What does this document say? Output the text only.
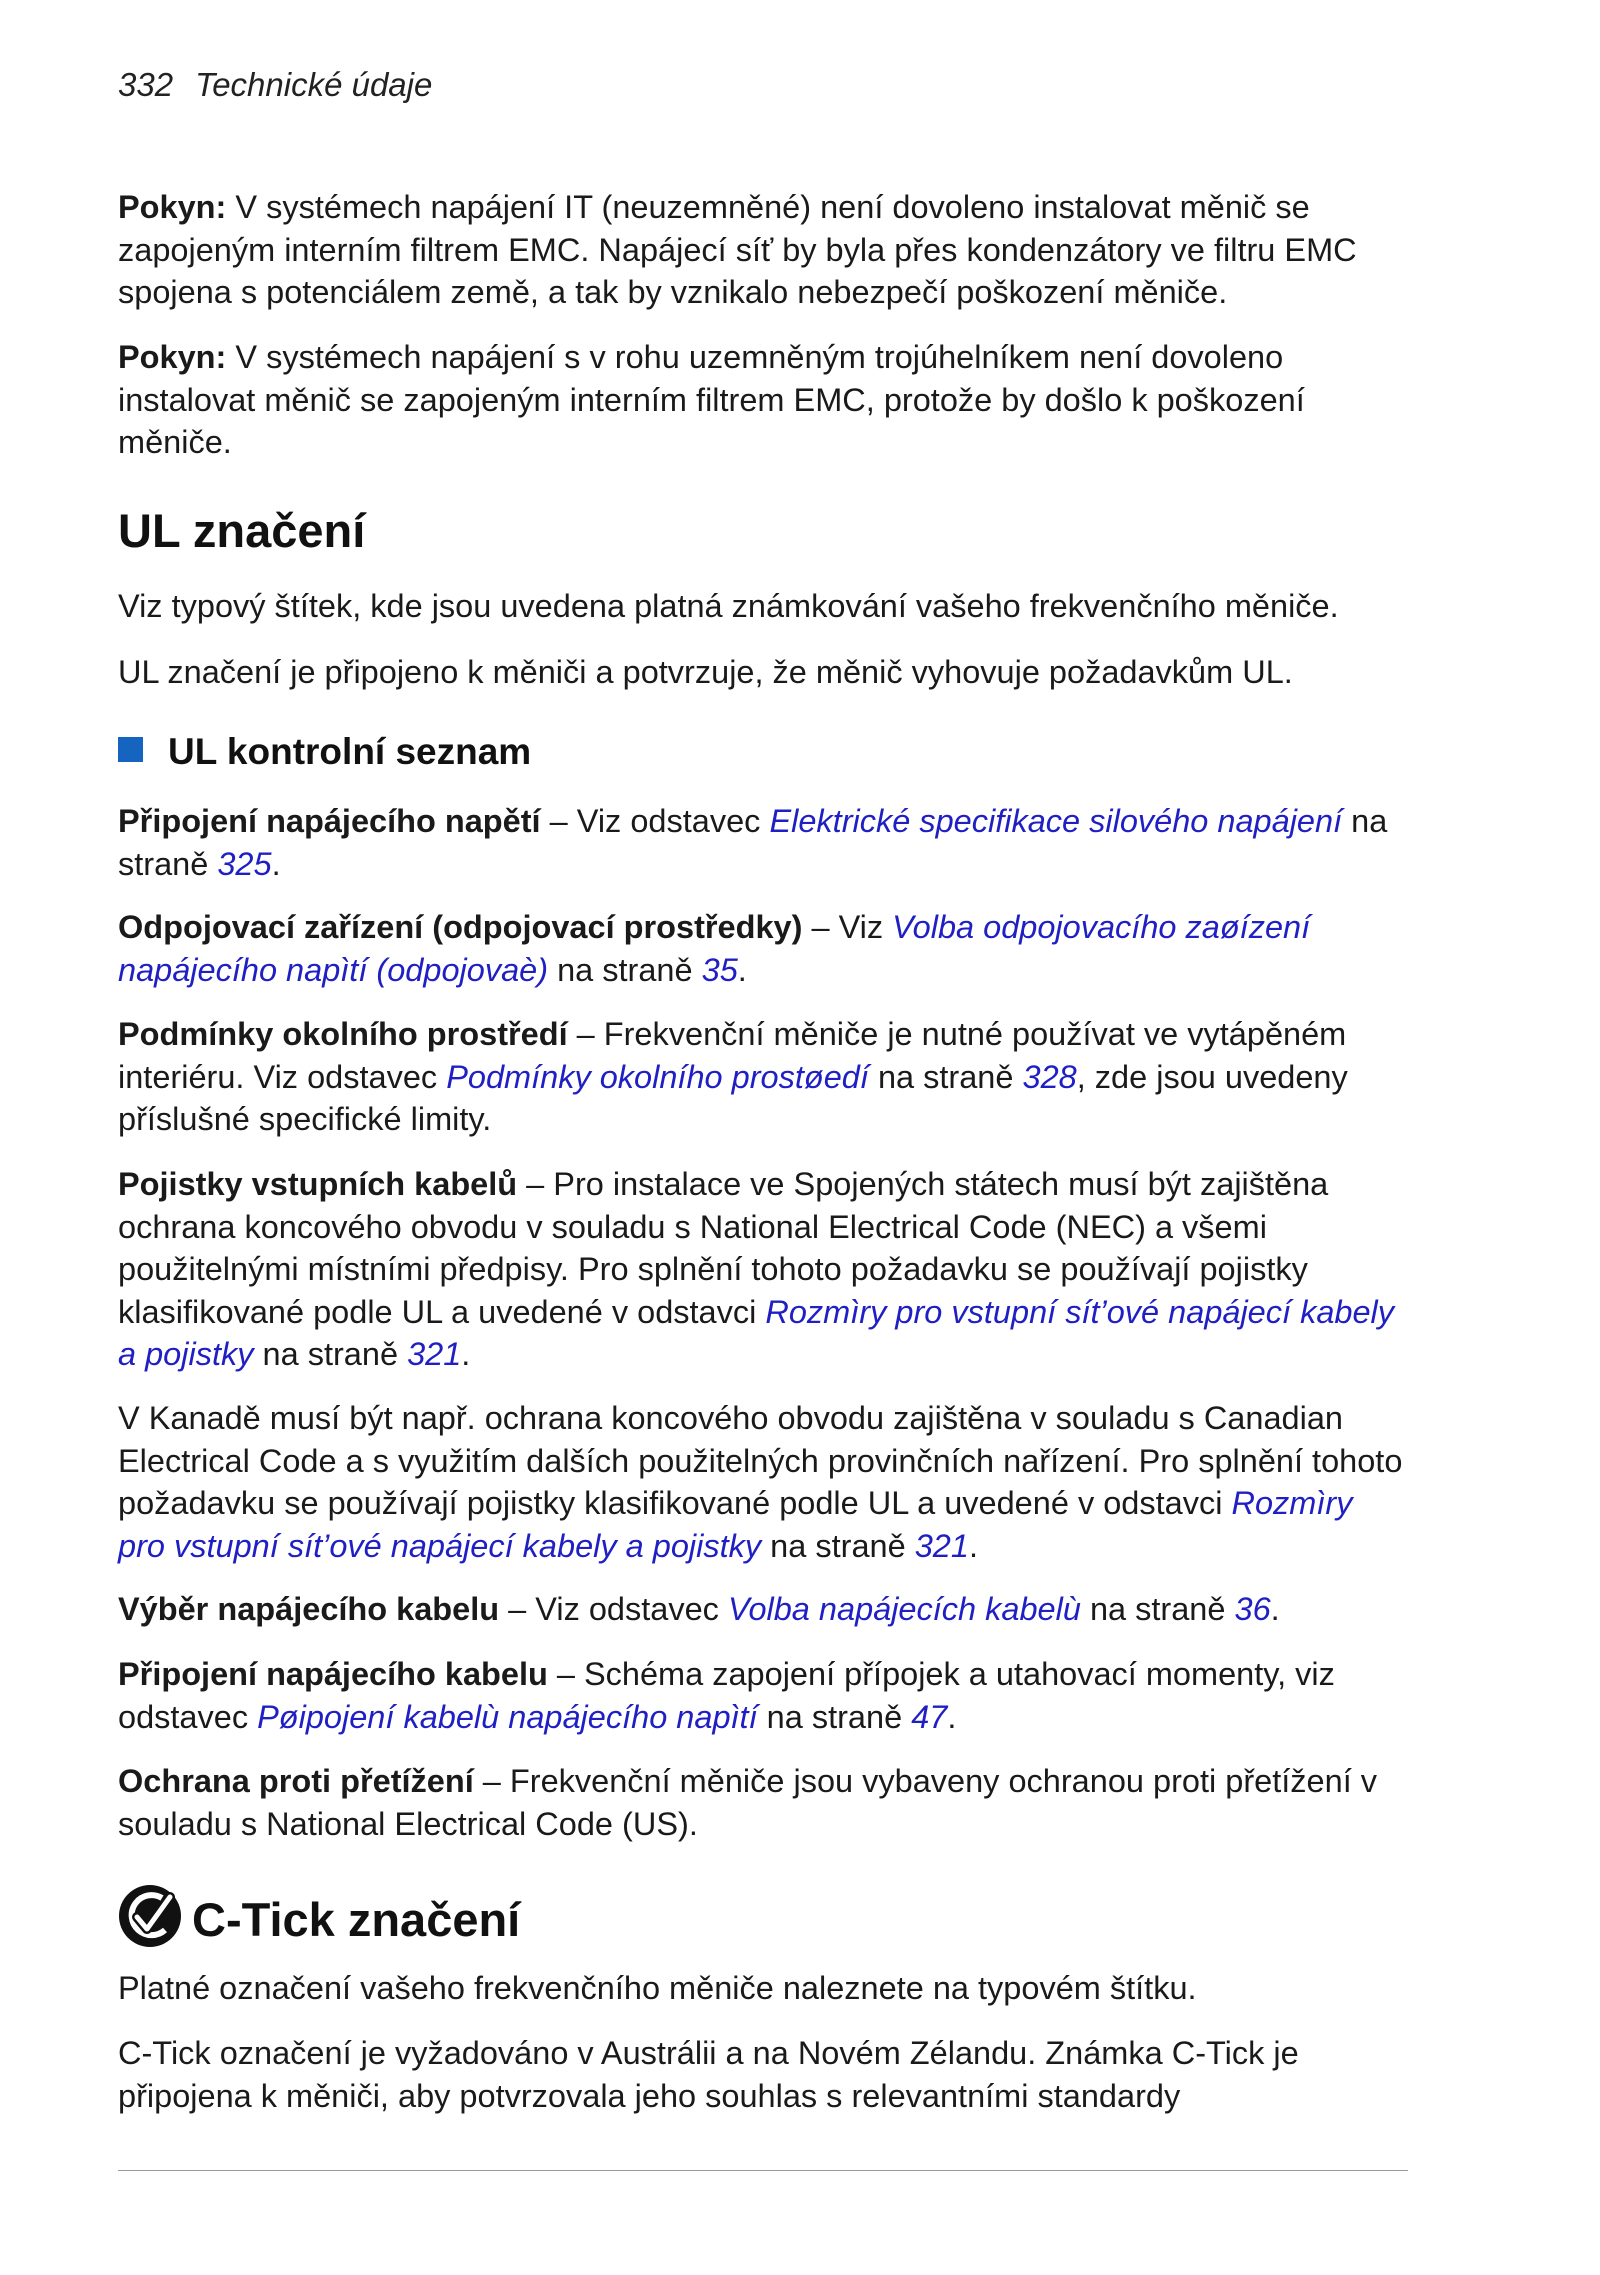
332 Technické údaje

Pokyn: V systémech napájení IT (neuzemněné) není dovoleno instalovat měnič se zapojeným interním filtrem EMC. Napájecí síť by byla přes kondenzátory ve filtru EMC spojena s potenciálem země, a tak by vznikalo nebezpečí poškození měniče.

Pokyn: V systémech napájení s v rohu uzemněným trojúhelníkem není dovoleno instalovat měnič se zapojeným interním filtrem EMC, protože by došlo k poškození měniče.

UL značení

Viz typový štítek, kde jsou uvedena platná známkování vašeho frekvenčního měniče.

UL značení je připojeno k měniči a potvrzuje, že měnič vyhovuje požadavkům UL.

UL kontrolní seznam

Připojení napájecího napětí – Viz odstavec Elektrické specifikace silového napájení na straně 325.

Odpojovací zařízení (odpojovací prostředky) – Viz Volba odpojovacího zaøízení napájecího napìtí (odpojovaè) na straně 35.

Podmínky okolního prostředí – Frekvenční měniče je nutné používat ve vytápěném interiéru. Viz odstavec Podmínky okolního prostøedí na straně 328, zde jsou uvedeny příslušné specifické limity.

Pojistky vstupních kabelů – Pro instalace ve Spojených státech musí být zajištěna ochrana koncového obvodu v souladu s National Electrical Code (NEC) a všemi použitelnými místními předpisy. Pro splnění tohoto požadavku se používají pojistky klasifikované podle UL a uvedené v odstavci Rozmìry pro vstupní sít’ové napájecí kabely a pojistky na straně 321.

V Kanadě musí být např. ochrana koncového obvodu zajištěna v souladu s Canadian Electrical Code a s využitím dalších použitelných provinčních nařízení. Pro splnění tohoto požadavku se používají pojistky klasifikované podle UL a uvedené v odstavci Rozmìry pro vstupní sít’ové napájecí kabely a pojistky na straně 321.

Výběr napájecího kabelu – Viz odstavec Volba napájecích kabelù na straně 36.

Připojení napájecího kabelu – Schéma zapojení přípojek a utahovací momenty, viz odstavec Pøipojení kabelù napájecího napìtí na straně 47.

Ochrana proti přetížení – Frekvenční měniče jsou vybaveny ochranou proti přetížení v souladu s National Electrical Code (US).

C-Tick značení

Platné označení vašeho frekvenčního měniče naleznete na typovém štítku.

C-Tick označení je vyžadováno v Austrálii a na Novém Zélandu. Známka C-Tick je připojena k měniči, aby potvrzovala jeho souhlas s relevantními standardy
